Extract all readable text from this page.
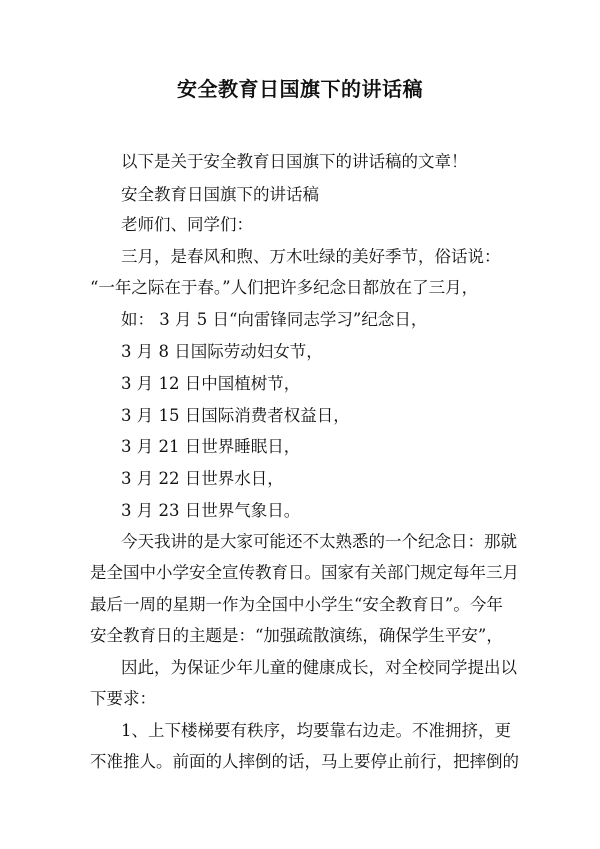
安全教育日国旗下的讲话稿
以下是关于安全教育日国旗下的讲话稿的文章！
安全教育日国旗下的讲话稿
老师们、同学们：
三月，是春风和煦、万木吐绿的美好季节，俗话说：
“一年之际在于春。”人们把许多纪念日都放在了三月，
如： 3 月 5 日“向雷锋同志学习”纪念日，
3 月 8 日国际劳动妇女节，
3 月 12 日中国植树节，
3 月 15 日国际消费者权益日，
3 月 21 日世界睡眠日，
3 月 22 日世界水日，
3 月 23 日世界气象日。
今天我讲的是大家可能还不太熟悉的一个纪念日：那就
是全国中小学安全宣传教育日。国家有关部门规定每年三月
最后一周的星期一作为全国中小学生“安全教育日”。今年
安全教育日的主题是：“加强疏散演练，确保学生平安”，
因此，为保证少年儿童的健康成长，对全校同学提出以
下要求：
1、上下楼梯要有秩序，均要靠右边走。不准拥挤，更
不准推人。前面的人摔倒的话，马上要停止前行，把摔倒的
